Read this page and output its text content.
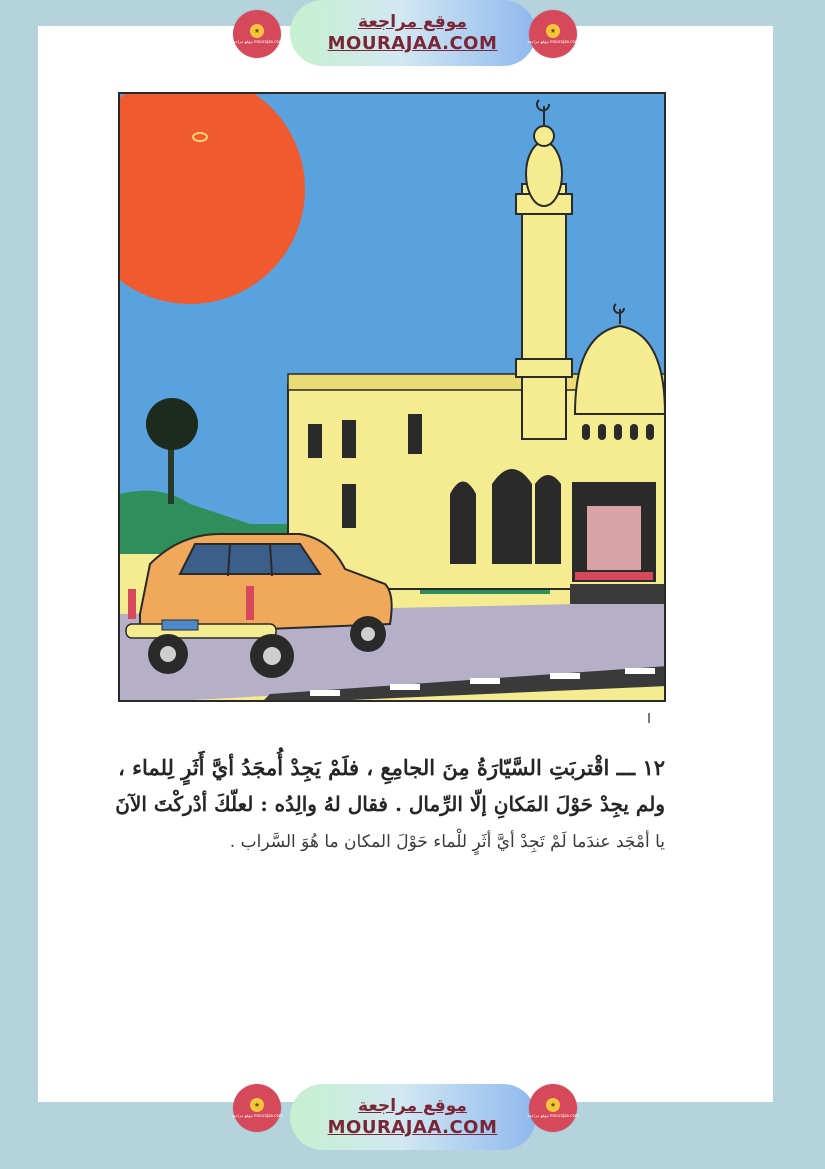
★
موقع مراجعة mourajaa.com
موقع مراجعة
MOURAJAA.COM
★
موقع مراجعة mourajaa.com
١٢ ـــ اقْتربَتِ السَّيّارَةُ مِنَ الجامِعِ ، فلَمْ يَجِدْ أُمجَدُ أيَّ أَثَرٍ لِلماء ،
ولم يجِدْ حَوْلَ المَكانِ إلّا الرِّمال . فقال لهُ والِدُه : لعلّكَ أدْركْتَ الآنَ
يا أمْجَد عندَما لَمْ تَجِدْ أيَّ أثَرٍ للْماء حَوْلَ المكان ما هُوَ السَّراب .
★
موقع مراجعة mourajaa.com	موقع مراجعة
MOURAJAA.COM
★
موقع مراجعة mourajaa.com
